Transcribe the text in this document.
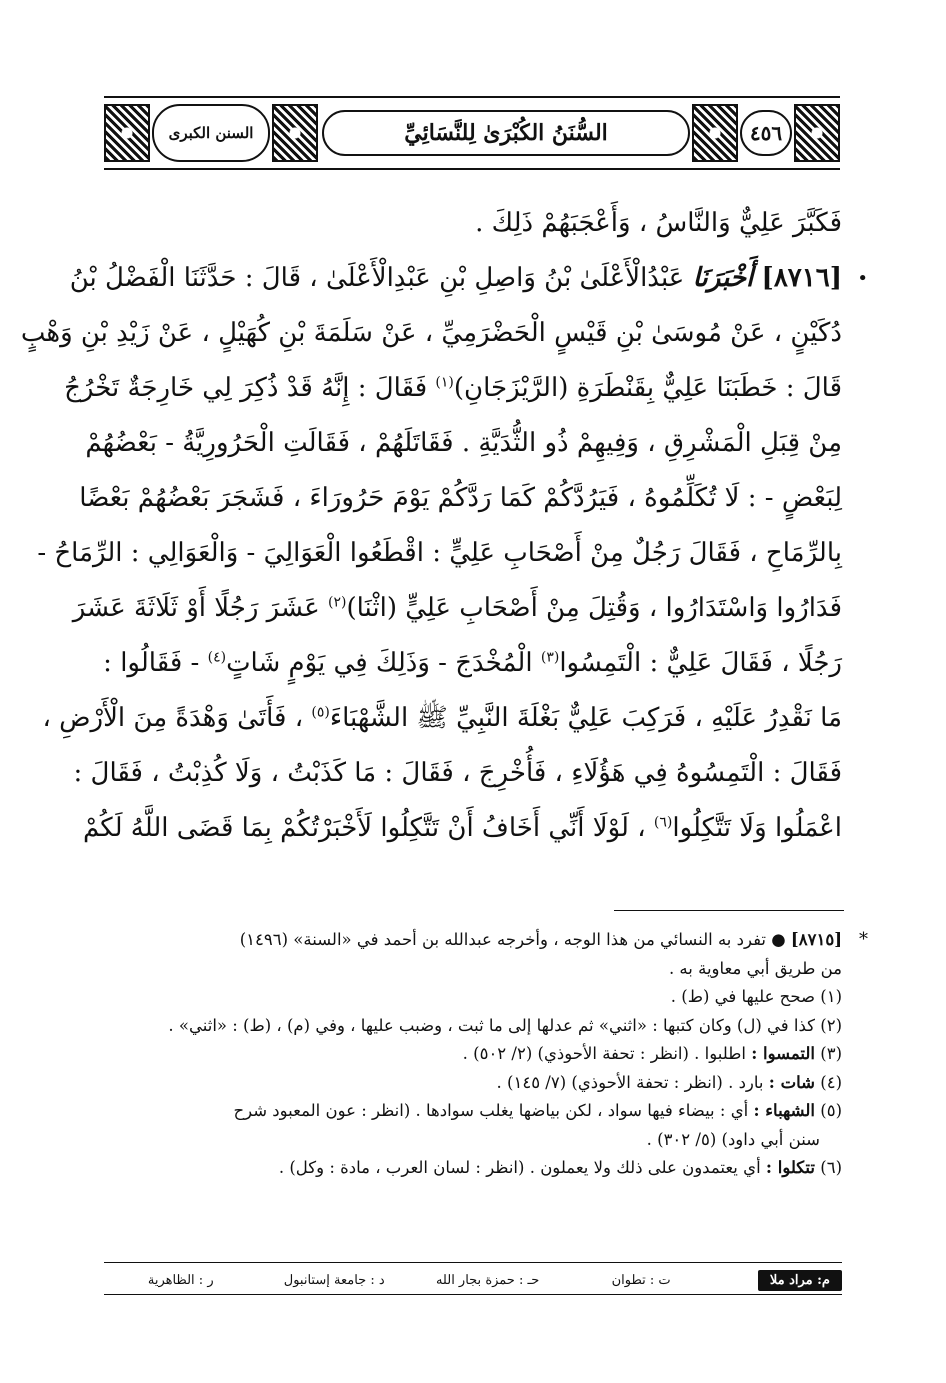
السنن الكبرى	السُّنَنُ الكُبْرَىٰ لِلنَّسَائِيِّ	٤٥٦
فَكَبَّرَ عَلِيٌّ وَالنَّاسُ ، وَأَعْجَبَهُمْ ذَلِكَ .
•
[٨٧١٦] أَخْبَرَنَا عَبْدُالْأَعْلَىٰ بْنُ وَاصِلِ بْنِ عَبْدِالْأَعْلَىٰ ، قَالَ : حَدَّثَنَا الْفَضْلُ بْنُ
دُكَيْنٍ ، عَنْ مُوسَىٰ بْنِ قَيْسٍ الْحَضْرَمِيِّ ، عَنْ سَلَمَةَ بْنِ كُهَيْلٍ ، عَنْ زَيْدِ بْنِ وَهْبٍ
قَالَ : خَطَبَنَا عَلِيٌّ بِقَنْطَرَةِ (الرَّيْزَجَانِ)$^{(١)}$ فَقَالَ : إِنَّهُ قَدْ ذُكِرَ لِي خَارِجَةٌ تَخْرُجُ
مِنْ قِبَلِ الْمَشْرِقِ ، وَفِيهِمْ ذُو الثُّدَيَّةِ . فَقَاتَلَهُمْ ، فَقَالَتِ الْحَرُورِيَّةُ - بَعْضُهُمْ
لِبَعْضٍ - : لَا تُكَلِّمُوهُ ، فَيَرُدَّكُمْ كَمَا رَدَّكُمْ يَوْمَ حَرُورَاءَ ، فَشَجَرَ بَعْضُهُمْ بَعْضًا
بِالرِّمَاحِ ، فَقَالَ رَجُلٌ مِنْ أَصْحَابِ عَلِيٍّ : اقْطَعُوا الْعَوَالِيَ - وَالْعَوَالِي : الرِّمَاحُ -
فَدَارُوا وَاسْتَدَارُوا ، وَقُتِلَ مِنْ أَصْحَابِ عَلِيٍّ (اثْنَا)$^{(٢)}$ عَشَرَ رَجُلًا أَوْ ثَلَاثَةَ عَشَرَ
رَجُلًا ، فَقَالَ عَلِيٌّ : الْتَمِسُوا$^{(٣)}$ الْمُخْدَجَ - وَذَلِكَ فِي يَوْمٍ شَاتٍ$^{(٤)}$ - فَقَالُوا :
مَا نَقْدِرُ عَلَيْهِ ، فَرَكِبَ عَلِيٌّ بَغْلَةَ النَّبِيِّ ﷺ الشَّهْبَاءَ$^{(٥)}$ ، فَأَتَىٰ وَهْدَةً مِنَ الْأَرْضِ ،
فَقَالَ : الْتَمِسُوهُ فِي هَؤُلَاءِ ، فَأُخْرِجَ ، فَقَالَ : مَا كَذَبْتُ ، وَلَا كُذِبْتُ ، فَقَالَ :
اعْمَلُوا وَلَا تَتَّكِلُوا$^{(٦)}$ ، لَوْلَا أَنِّي أَخَافُ أَنْ تَتَّكِلُوا لَأَخْبَرْتُكُمْ بِمَا قَضَى اللَّهُ لَكُمْ
*
[٨٧١٥] ● تفرد به النسائي من هذا الوجه ، وأخرجه عبدالله بن أحمد في «السنة» (١٤٩٦)
من طريق أبي معاوية به .
(١) صحح عليها في (ط) .
(٢) كذا في (ل) وكان كتبها : «اثني» ثم عدلها إلى ما ثبت ، وضبب عليها ، وفي (م) ، (ط) : «اثني» .
(٣) التمسوا : اطلبوا . (انظر : تحفة الأحوذي) (٢/ ٥٠٢) .
(٤) شات : بارد . (انظر : تحفة الأحوذي) (٧/ ١٤٥) .
(٥) الشهباء : أي : بيضاء فيها سواد ، لكن بياضها يغلب سوادها . (انظر : عون المعبود شرح
سنن أبي داود) (٥/ ٣٠٢) .
(٦) تتكلوا : أي يعتمدون على ذلك ولا يعملون . (انظر : لسان العرب ، مادة : وكل) .
م: مراد ملا
ت : تطوان
حـ : حمزة بجار الله
د : جامعة إستانبول
ر : الظاهرية
